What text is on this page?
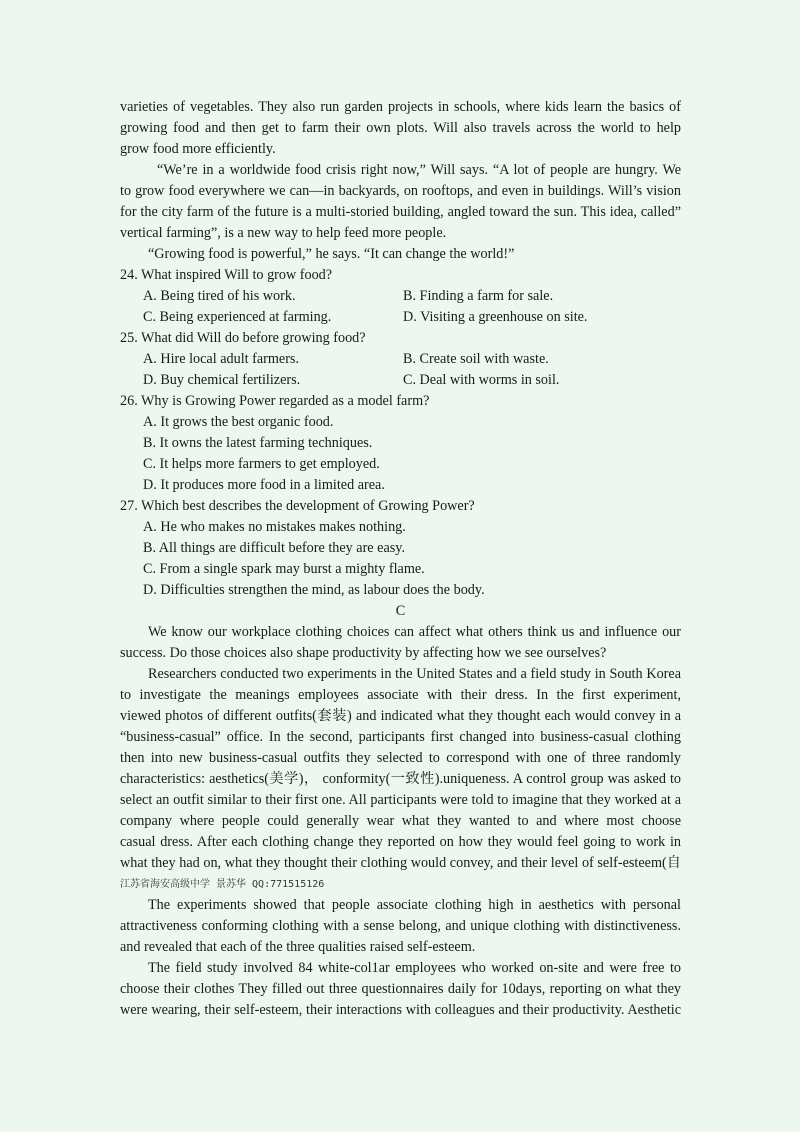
varieties of vegetables. They also run garden projects in schools, where kids learn the basics of
growing food and then get to farm their own plots. Will also travels across the world to help
grow food more efficiently.
“We’re in a worldwide food crisis right now,” Will says. “A lot of people are hungry. We
to grow food everywhere we can—in backyards, on rooftops, and even in buildings. Will’s vision
for the city farm of the future is a multi-storied building, angled toward the sun. This idea, called”
vertical farming”, is a new way to help feed more people.
“Growing food is powerful,” he says. “It can change the world!”
24. What inspired Will to grow food?
A. Being tired of his work.	B. Finding a farm for sale.
C. Being experienced at farming.	D. Visiting a greenhouse on site.
25. What did Will do before growing food?
A. Hire local adult farmers.	B. Create soil with waste.
D. Buy chemical fertilizers.	C. Deal with worms in soil.
26. Why is Growing Power regarded as a model farm?
A. It grows the best organic food.
B. It owns the latest farming techniques.
C. It helps more farmers to get employed.
D. It produces more food in a limited area.
27. Which best describes the development of Growing Power?
A. He who makes no mistakes makes nothing.
B. All things are difficult before they are easy.
C. From a single spark may burst a mighty flame.
D. Difficulties strengthen the mind, as labour does the body.
C
We know our workplace clothing choices can affect what others think us and influence our
success. Do those choices also shape productivity by affecting how we see ourselves?
Researchers conducted two experiments in the United States and a field study in South Korea
to investigate the meanings employees associate with their dress. In the first experiment,
viewed photos of different outfits(套装) and indicated what they thought each would convey in a
“business-casual” office. In the second, participants first changed into business-casual clothing
then into new business-casual outfits they selected to correspond with one of three randomly
characteristics: aesthetics(美学)， conformity(一致性).uniqueness. A control group was asked to
select an outfit similar to their first one. All participants were told to imagine that they worked at a
company where people could generally wear what they wanted to and where most choose
casual dress. After each clothing change they reported on how they would feel going to work in
what they had on, what they thought their clothing would convey, and their level of self-esteem(自
江苏省海安高级中学 景苏华 QQ:771515126
The experiments showed that people associate clothing high in aesthetics with personal
attractiveness conforming clothing with a sense belong, and unique clothing with distinctiveness.
and revealed that each of the three qualities raised self-esteem.
The field study involved 84 white-col1ar employees who worked on-site and were free to
choose their clothes They filled out three questionnaires daily for 10days, reporting on what they
were wearing, their self-esteem, their interactions with colleagues and their productivity. Aesthetic
